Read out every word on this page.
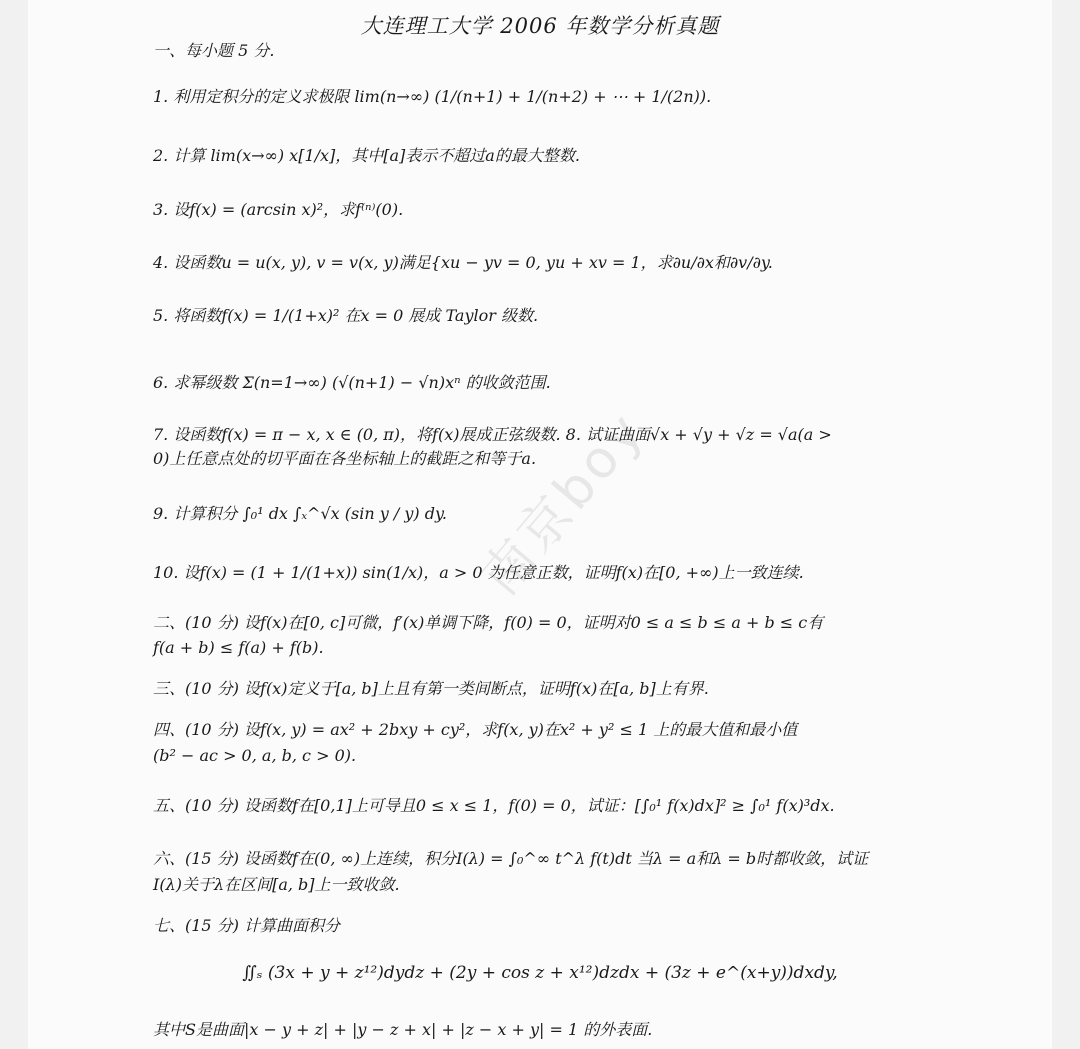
大连理工大学 2006 年数学分析真题
南京boy
一、每小题 5 分.
1. 利用定积分的定义求极限 lim(n→∞) (1/(n+1) + 1/(n+2) + ⋯ + 1/(2n)).
2. 计算 lim(x→∞) x[1/x]，其中[a]表示不超过a的最大整数.
3. 设f(x) = (arcsin x)²，求f⁽ⁿ⁾(0).
4. 设函数u = u(x, y), v = v(x, y)满足{xu − yv = 0, yu + xv = 1，求∂u/∂x和∂v/∂y.
5. 将函数f(x) = 1/(1+x)² 在x = 0 展成 Taylor 级数.
6. 求幂级数 Σ(n=1→∞) (√(n+1) − √n)xⁿ 的收敛范围.
7. 设函数f(x) = π − x, x ∈ (0, π)，将f(x)展成正弦级数. 8. 试证曲面√x + √y + √z = √a(a >
0)上任意点处的切平面在各坐标轴上的截距之和等于a.
9. 计算积分 ∫₀¹ dx ∫ₓ^√x (sin y / y) dy.
10. 设f(x) = (1 + 1/(1+x)) sin(1/x)，a > 0 为任意正数，证明f(x)在[0, +∞)上一致连续.
二、(10 分) 设f(x)在[0, c]可微，f′(x)单调下降，f(0) = 0，证明对0 ≤ a ≤ b ≤ a + b ≤ c有
f(a + b) ≤ f(a) + f(b).
三、(10 分) 设f(x)定义于[a, b]上且有第一类间断点，证明f(x)在[a, b]上有界.
四、(10 分) 设f(x, y) = ax² + 2bxy + cy²，求f(x, y)在x² + y² ≤ 1 上的最大值和最小值
(b² − ac > 0, a, b, c > 0).
五、(10 分) 设函数f在[0,1]上可导且0 ≤ x ≤ 1，f(0) = 0，试证：[∫₀¹ f(x)dx]² ≥ ∫₀¹ f(x)³dx.
六、(15 分) 设函数f在(0, ∞)上连续，积分I(λ) = ∫₀^∞ t^λ f(t)dt 当λ = a和λ = b时都收敛，试证
I(λ)关于λ在区间[a, b]上一致收敛.
七、(15 分) 计算曲面积分
∬ₛ (3x + y + z¹²)dydz + (2y + cos z + x¹²)dzdx + (3z + e^(x+y))dxdy,
其中S是曲面|x − y + z| + |y − z + x| + |z − x + y| = 1 的外表面.
